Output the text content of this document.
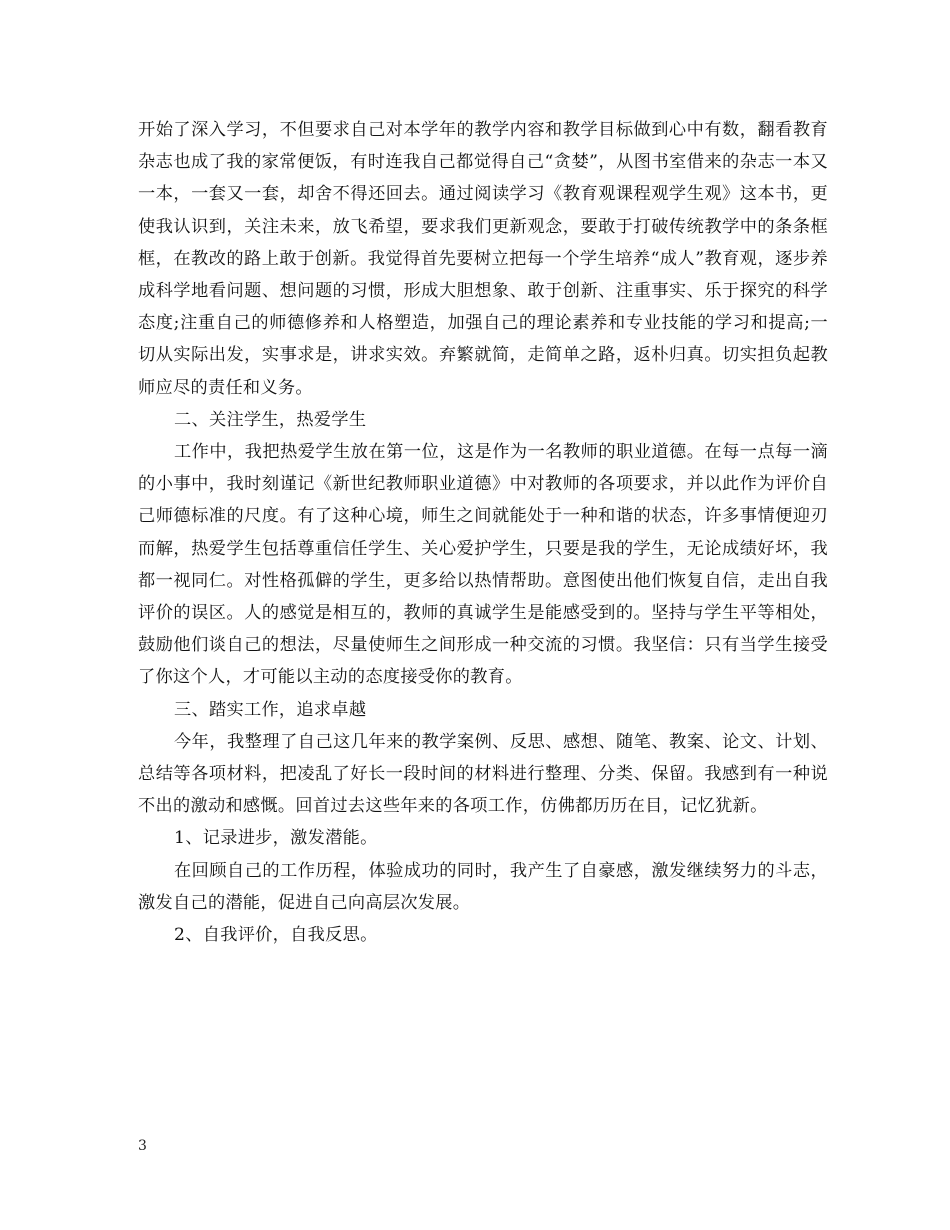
开始了深入学习，不但要求自己对本学年的教学内容和教学目标做到心中有数，翻看教育杂志也成了我的家常便饭，有时连我自己都觉得自己“贪婪”，从图书室借来的杂志一本又一本，一套又一套，却舍不得还回去。通过阅读学习《教育观课程观学生观》这本书，更使我认识到，关注未来，放飞希望，要求我们更新观念，要敢于打破传统教学中的条条框框，在教改的路上敢于创新。我觉得首先要树立把每一个学生培养“成人”教育观，逐步养成科学地看问题、想问题的习惯，形成大胆想象、敢于创新、注重事实、乐于探究的科学态度;注重自己的师德修养和人格塑造，加强自己的理论素养和专业技能的学习和提高;一切从实际出发，实事求是，讲求实效。弃繁就简，走简单之路，返朴归真。切实担负起教师应尽的责任和义务。

二、关注学生，热爱学生

工作中，我把热爱学生放在第一位，这是作为一名教师的职业道德。在每一点每一滴的小事中，我时刻谨记《新世纪教师职业道德》中对教师的各项要求，并以此作为评价自己师德标准的尺度。有了这种心境，师生之间就能处于一种和谐的状态，许多事情便迎刃而解，热爱学生包括尊重信任学生、关心爱护学生，只要是我的学生，无论成绩好坏，我都一视同仁。对性格孤僻的学生，更多给以热情帮助。意图使出他们恢复自信，走出自我评价的误区。人的感觉是相互的，教师的真诚学生是能感受到的。坚持与学生平等相处，鼓励他们谈自己的想法，尽量使师生之间形成一种交流的习惯。我坚信：只有当学生接受了你这个人，才可能以主动的态度接受你的教育。

三、踏实工作，追求卓越

今年，我整理了自己这几年来的教学案例、反思、感想、随笔、教案、论文、计划、总结等各项材料，把凌乱了好长一段时间的材料进行整理、分类、保留。我感到有一种说不出的激动和感慨。回首过去这些年来的各项工作，仿佛都历历在目，记忆犹新。

1、记录进步，激发潜能。

在回顾自己的工作历程，体验成功的同时，我产生了自豪感，激发继续努力的斗志，激发自己的潜能，促进自己向高层次发展。

2、自我评价，自我反思。

3
